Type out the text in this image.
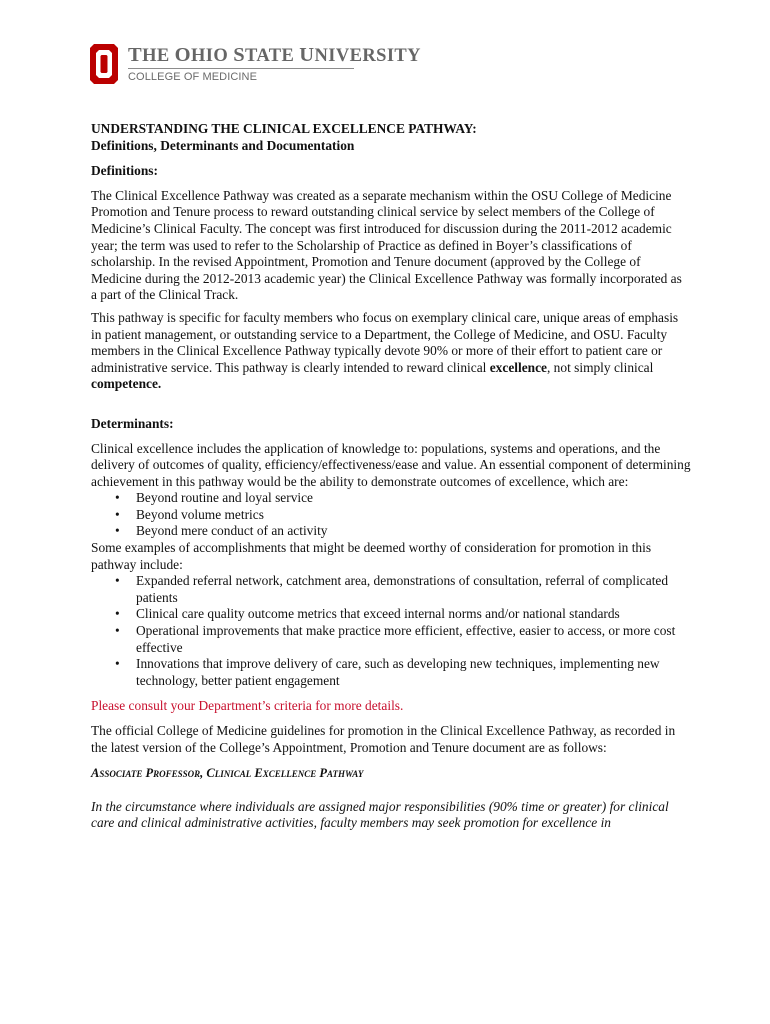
THE OHIO STATE UNIVERSITY
COLLEGE OF MEDICINE

UNDERSTANDING THE CLINICAL EXCELLENCE PATHWAY:

Definitions, Determinants and Documentation

Definitions:

The Clinical Excellence Pathway was created as a separate mechanism within the OSU College of Medicine Promotion and Tenure process to reward outstanding clinical service by select members of the College of Medicine’s Clinical Faculty. The concept was first introduced for discussion during the 2011-2012 academic year; the term was used to refer to the Scholarship of Practice as defined in Boyer’s classifications of scholarship. In the revised Appointment, Promotion and Tenure document (approved by the College of Medicine during the 2012-2013 academic year) the Clinical Excellence Pathway was formally incorporated as a part of the Clinical Track.

This pathway is specific for faculty members who focus on exemplary clinical care, unique areas of emphasis in patient management, or outstanding service to a Department, the College of Medicine, and OSU. Faculty members in the Clinical Excellence Pathway typically devote 90% or more of their effort to patient care or administrative service. This pathway is clearly intended to reward clinical excellence, not simply clinical competence.

Determinants:

Clinical excellence includes the application of knowledge to: populations, systems and operations, and the delivery of outcomes of quality, efficiency/effectiveness/ease and value. An essential component of determining achievement in this pathway would be the ability to demonstrate outcomes of excellence, which are:

• Beyond routine and loyal service
• Beyond volume metrics
• Beyond mere conduct of an activity

Some examples of accomplishments that might be deemed worthy of consideration for promotion in this pathway include:

• Expanded referral network, catchment area, demonstrations of consultation, referral of complicated patients
• Clinical care quality outcome metrics that exceed internal norms and/or national standards
• Operational improvements that make practice more efficient, effective, easier to access, or more cost effective
• Innovations that improve delivery of care, such as developing new techniques, implementing new technology, better patient engagement

Please consult your Department’s criteria for more details.

The official College of Medicine guidelines for promotion in the Clinical Excellence Pathway, as recorded in the latest version of the College’s Appointment, Promotion and Tenure document are as follows:

Associate Professor, Clinical Excellence Pathway

In the circumstance where individuals are assigned major responsibilities (90% time or greater) for clinical care and clinical administrative activities, faculty members may seek promotion for excellence in
